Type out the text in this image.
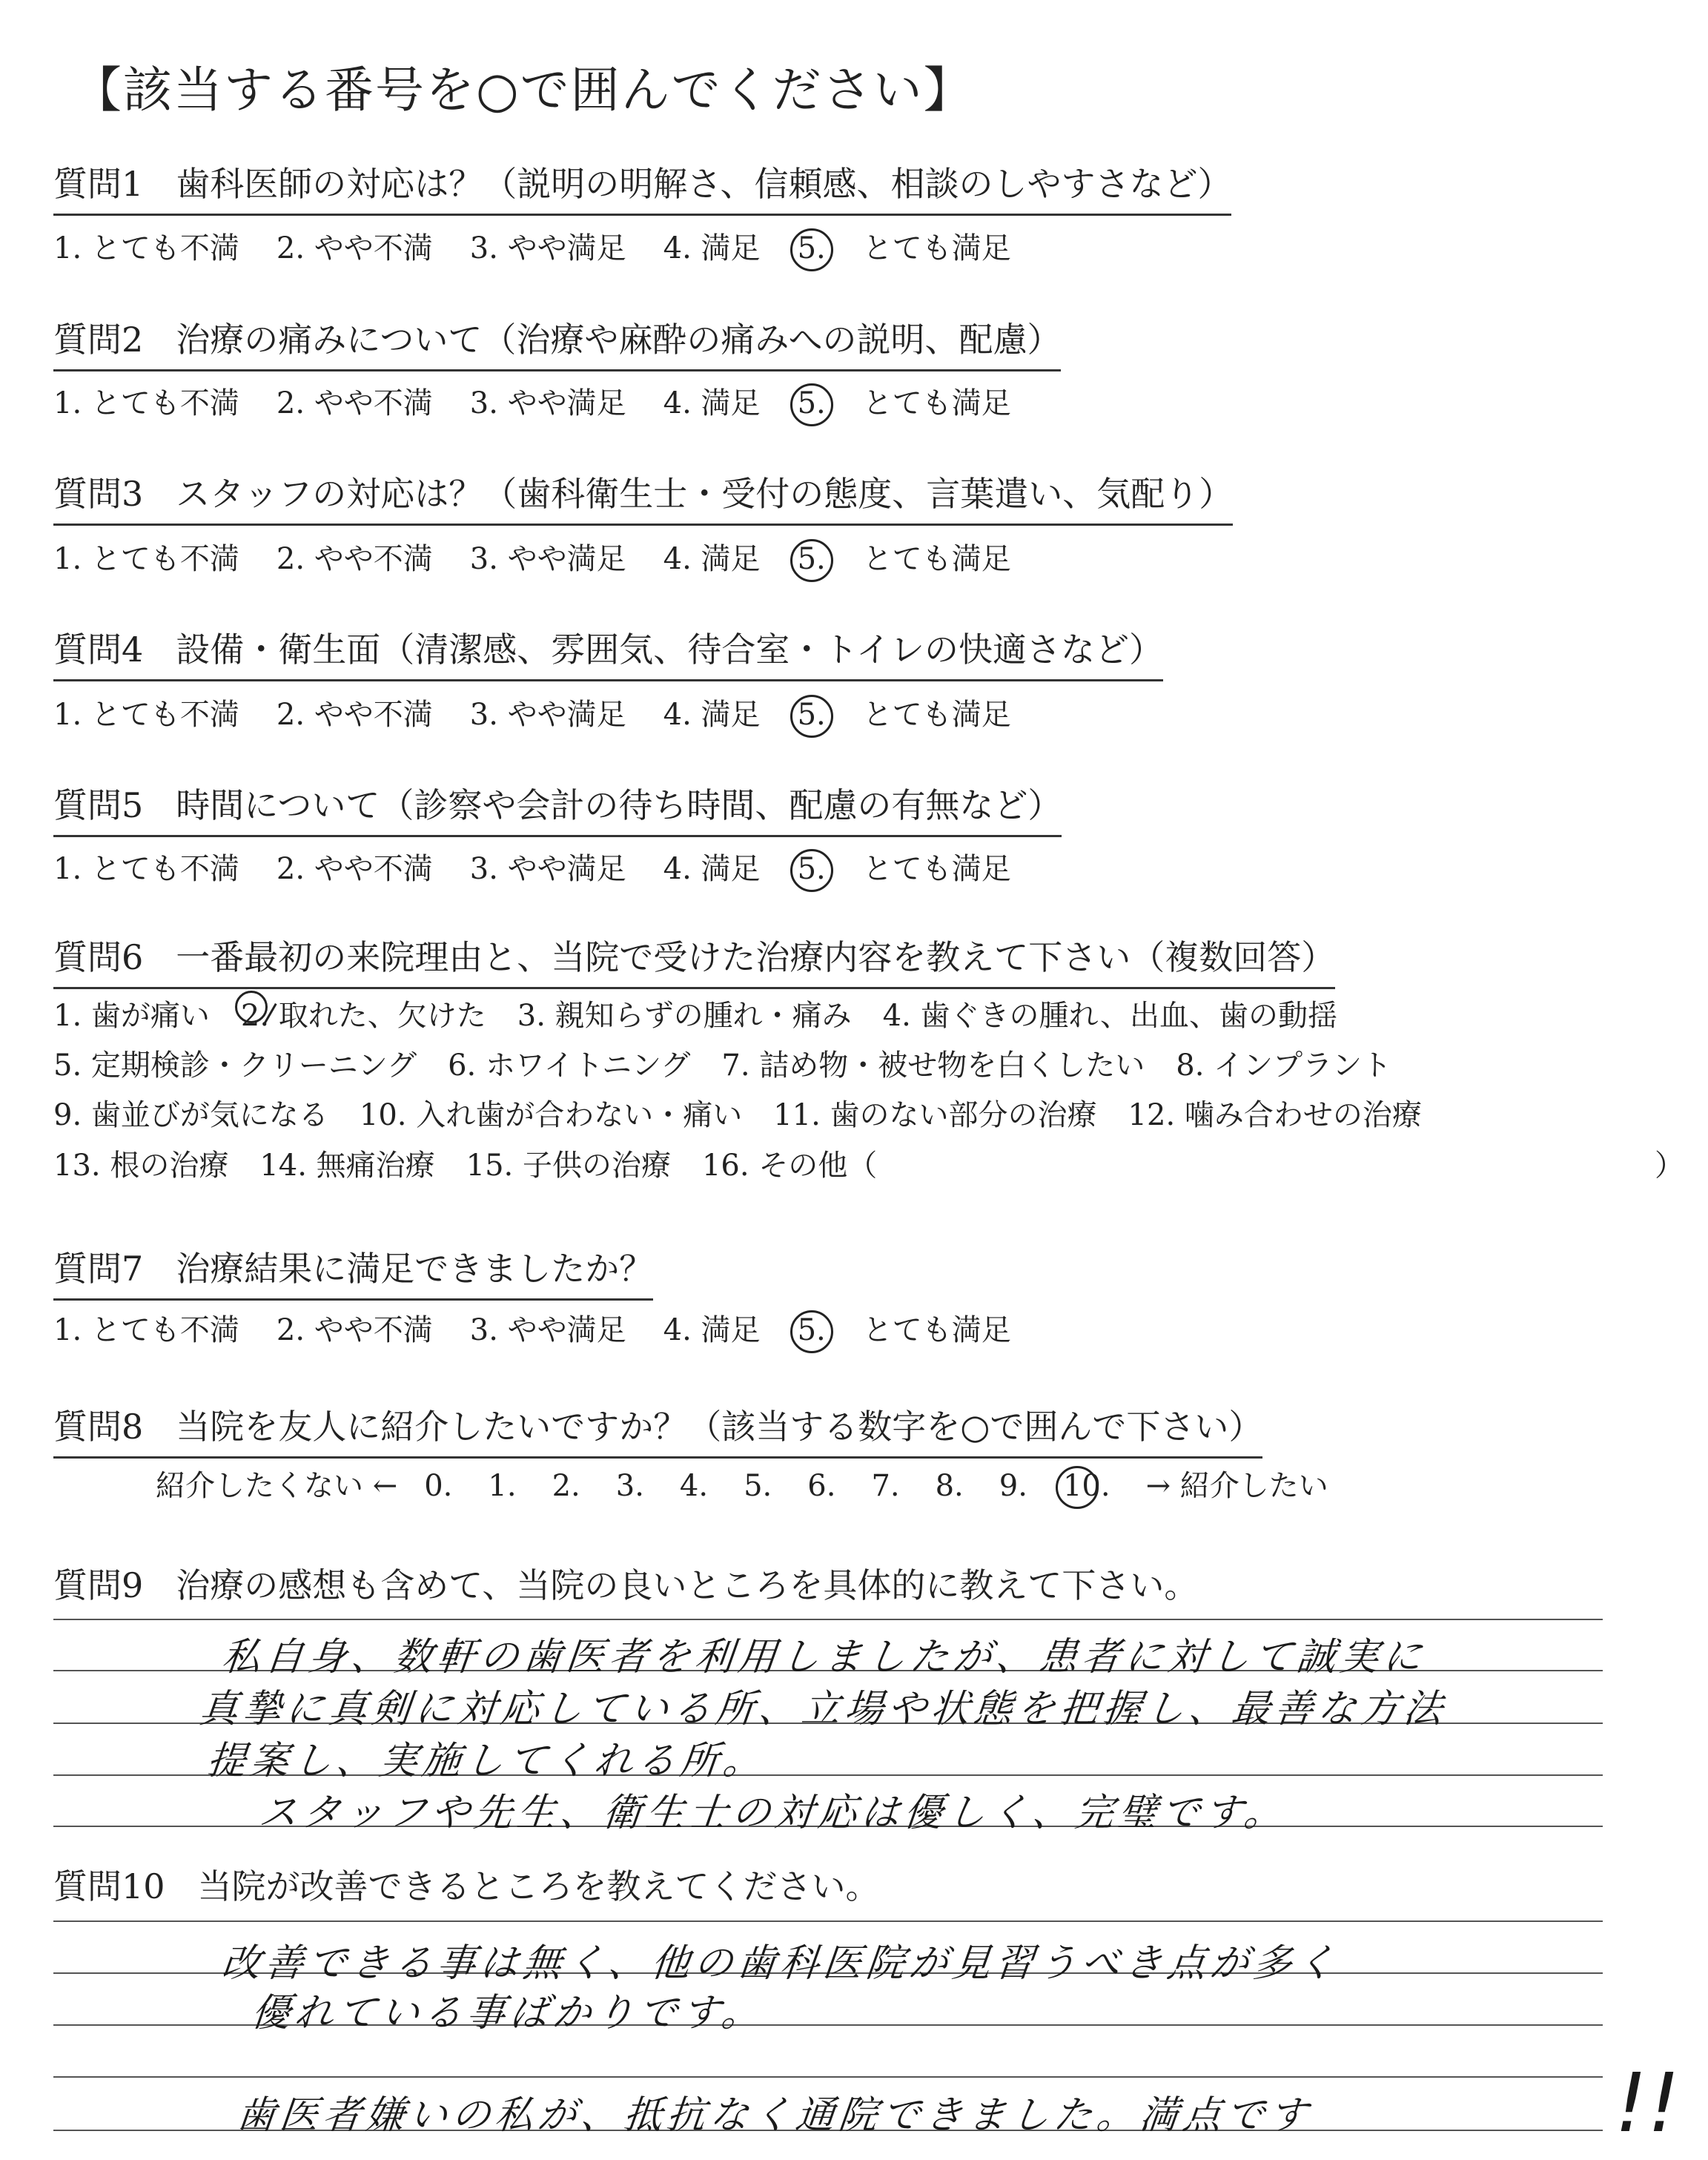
【該当する番号を○で囲んでください】
質問1 歯科医師の対応は？（説明の明解さ、信頼感、相談のしやすさなど）
1. とても不満 2. やや不満 3. やや満足 4. 満足 5. とても満足
質問2 治療の痛みについて（治療や麻酔の痛みへの説明、配慮）
1. とても不満 2. やや不満 3. やや満足 4. 満足 5. とても満足
質問3 スタッフの対応は？（歯科衛生士・受付の態度、言葉遣い、気配り）
1. とても不満 2. やや不満 3. やや満足 4. 満足 5. とても満足
質問4 設備・衛生面（清潔感、雰囲気、待合室・トイレの快適さなど）
1. とても不満 2. やや不満 3. やや満足 4. 満足 5. とても満足
質問5 時間について（診察や会計の待ち時間、配慮の有無など）
1. とても不満 2. やや不満 3. やや満足 4. 満足 5. とても満足
質問6 一番最初の来院理由と、当院で受けた治療内容を教えて下さい（複数回答）
1. 歯が痛い 2. 取れた、欠けた 3. 親知らずの腫れ・痛み 4. 歯ぐきの腫れ、出血、歯の動揺
5. 定期検診・クリーニング 6. ホワイトニング 7. 詰め物・被せ物を白くしたい 8. インプラント
9. 歯並びが気になる 10. 入れ歯が合わない・痛い 11. 歯のない部分の治療 12. 噛み合わせの治療
13. 根の治療 14. 無痛治療 15. 子供の治療 16. その他（	）
質問7 治療結果に満足できましたか？
1. とても不満 2. やや不満 3. やや満足 4. 満足 5. とても満足
質問8 当院を友人に紹介したいですか？（該当する数字を○で囲んで下さい）
紹介したくない ← 0. 1. 2. 3. 4. 5. 6. 7. 8. 9. 10. → 紹介したい
質問9 治療の感想も含めて、当院の良いところを具体的に教えて下さい。
私自身、数軒の歯医者を利用しましたが、患者に対して誠実に
真摯に真剣に対応している所、立場や状態を把握し、最善な方法
提案し、実施してくれる所。
スタッフや先生、衛生士の対応は優しく、完璧です。
質問10 当院が改善できるところを教えてください。
改善できる事は無く、他の歯科医院が見習うべき点が多く
優れている事ばかりです。
歯医者嫌いの私が、抵抗なく通院できました。満点です	!!
